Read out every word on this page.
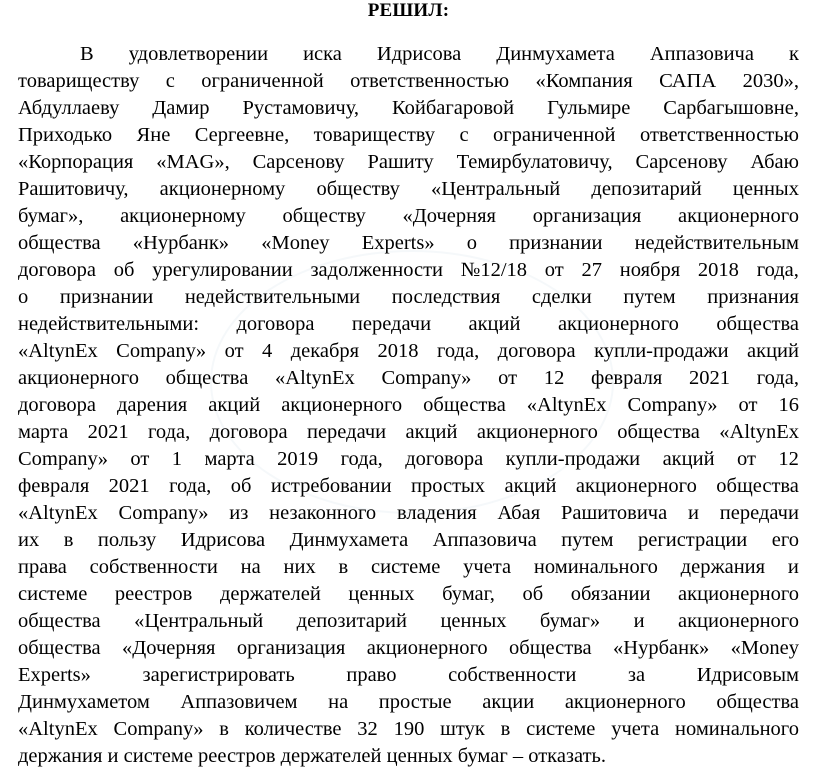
РЕШИЛ:
В удовлетворении иска Идрисова Динмухамета Аппазовича к
товариществу с ограниченной ответственностью «Компания САПА 2030»,
Абдуллаеву Дамир Рустамовичу, Койбагаровой Гульмире Сарбагышовне,
Приходько Яне Сергеевне, товариществу с ограниченной ответственностью
«Корпорация «MAG», Сарсенову Рашиту Темирбулатовичу, Сарсенову Абаю
Рашитовичу, акционерному обществу «Центральный депозитарий ценных
бумаг», акционерному обществу «Дочерняя организация акционерного
общества «Нурбанк» «Money Experts» о признании недействительным
договора об урегулировании задолженности №12/18 от 27 ноября 2018 года,
о признании недействительными последствия сделки путем признания
недействительными: договора передачи акций акционерного общества
«AltynEx Company» от 4 декабря 2018 года, договора купли-продажи акций
акционерного общества «AltynEx Company» от 12 февраля 2021 года,
договора дарения акций акционерного общества «AltynEx Company» от 16
марта 2021 года, договора передачи акций акционерного общества «AltynEx
Company» от 1 марта 2019 года, договора купли-продажи акций от 12
февраля 2021 года, об истребовании простых акций акционерного общества
«AltynEx Company» из незаконного владения Абая Рашитовича и передачи
их в пользу Идрисова Динмухамета Аппазовича путем регистрации его
права собственности на них в системе учета номинального держания и
системе реестров держателей ценных бумаг, об обязании акционерного
общества «Центральный депозитарий ценных бумаг» и акционерного
общества «Дочерняя организация акционерного общества «Нурбанк» «Money
Experts»	зарегистрировать	право	собственности	за	Идрисовым
Динмухаметом Аппазовичем на простые акции акционерного общества
«AltynEx Company» в количестве 32 190 штук в системе учета номинального
держания и системе реестров держателей ценных бумаг – отказать.
